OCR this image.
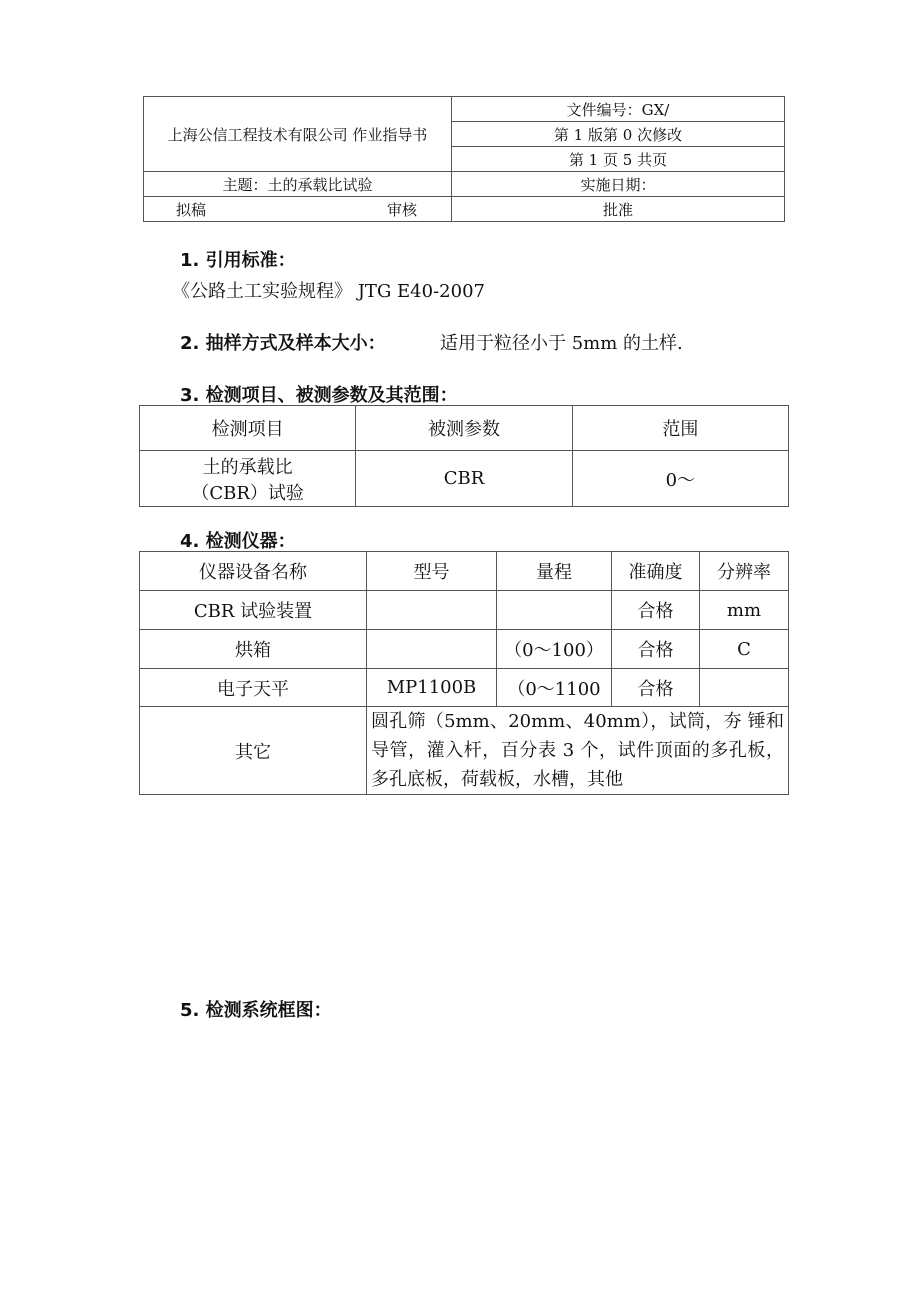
上海公信工程技术有限公司 作业指导书		文件编号：GX/
		第 1 版第 0 次修改
		第 1 页 5 共页
主题：土的承载比试验		实施日期：
拟稿	审核	批准
1. 引用标准：
《公路土工实验规程》 JTG E40-2007
2. 抽样方式及样本大小：	适用于粒径小于 5mm 的土样.
3. 检测项目、被测参数及其范围：
检测项目	被测参数	范围
土的承载比（CBR）试验	CBR	0～
4. 检测仪器：
仪器设备名称	型号	量程	准确度	分辨率
CBR 试验装置			合格	mm
烘箱		（0～100）	合格	C
电子天平	MP1100B	（0～1100	合格	
其它	圆孔筛（5mm、20mm、40mm），试筒，夯 锤和导管，灌入杆，百分表 3 个，试件顶面的多孔板，多孔底板，荷载板，水槽，其他			
5. 检测系统框图：
